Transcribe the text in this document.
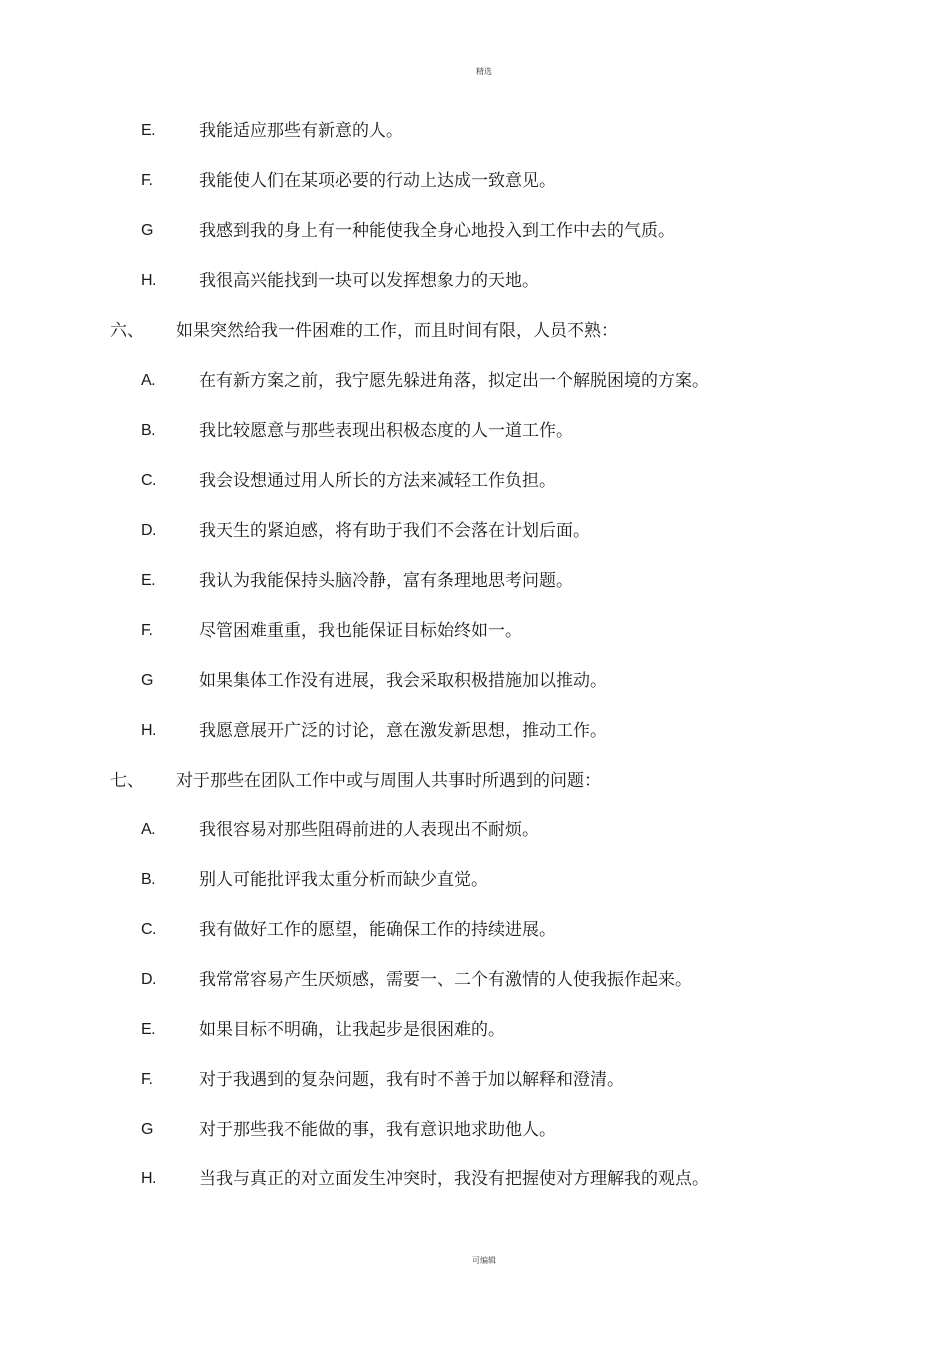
精选
E.	我能适应那些有新意的人。
F.	我能使人们在某项必要的行动上达成一致意见。
G	我感到我的身上有一种能使我全身心地投入到工作中去的气质。
H.	我很高兴能找到一块可以发挥想象力的天地。
六、 如果突然给我一件困难的工作，而且时间有限，人员不熟：
A.	在有新方案之前，我宁愿先躲进角落，拟定出一个解脱困境的方案。
B.	我比较愿意与那些表现出积极态度的人一道工作。
C.	我会设想通过用人所长的方法来减轻工作负担。
D.	我天生的紧迫感，将有助于我们不会落在计划后面。
E.	我认为我能保持头脑冷静，富有条理地思考问题。
F.	尽管困难重重，我也能保证目标始终如一。
G	如果集体工作没有进展，我会采取积极措施加以推动。
H.	我愿意展开广泛的讨论，意在激发新思想，推动工作。
七、 对于那些在团队工作中或与周围人共事时所遇到的问题：
A.	我很容易对那些阻碍前进的人表现出不耐烦。
B.	别人可能批评我太重分析而缺少直觉。
C.	我有做好工作的愿望，能确保工作的持续进展。
D.	我常常容易产生厌烦感，需要一、二个有激情的人使我振作起来。
E.	如果目标不明确，让我起步是很困难的。
F.	对于我遇到的复杂问题，我有时不善于加以解释和澄清。
G	对于那些我不能做的事，我有意识地求助他人。
H.	当我与真正的对立面发生冲突时，我没有把握使对方理解我的观点。
可编辑
